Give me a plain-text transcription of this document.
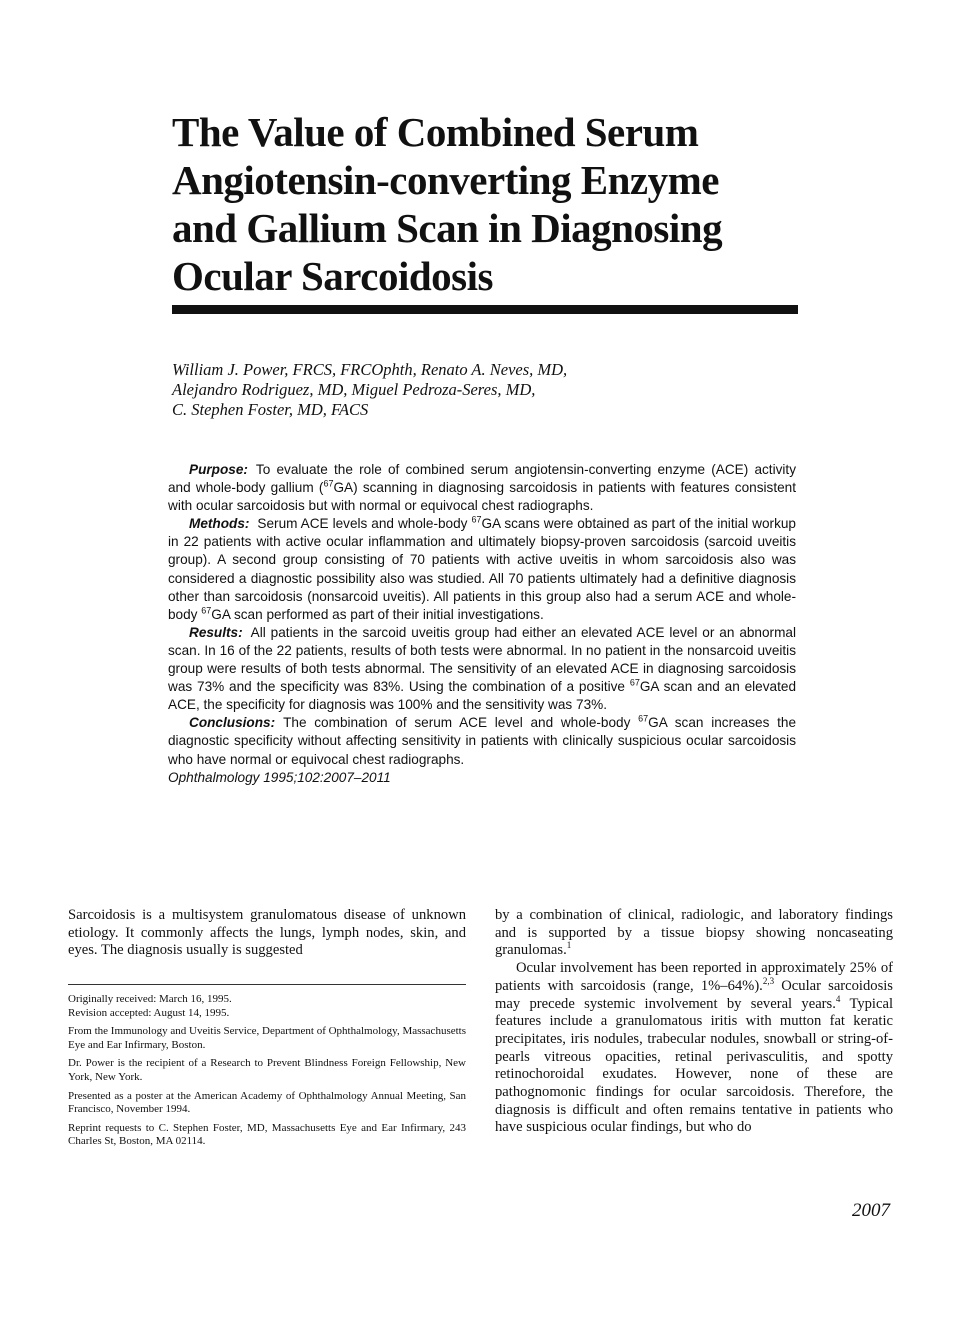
The Value of Combined Serum
Angiotensin-converting Enzyme
and Gallium Scan in Diagnosing
Ocular Sarcoidosis
William J. Power, FRCS, FRCOphth, Renato A. Neves, MD,
Alejandro Rodriguez, MD, Miguel Pedroza-Seres, MD,
C. Stephen Foster, MD, FACS

Purpose: To evaluate the role of combined serum angiotensin-converting enzyme (ACE) activity and whole-body gallium ($^{67}$GA) scanning in diagnosing sarcoidosis in patients with features consistent with ocular sarcoidosis but with normal or equivocal chest radiographs.

Methods: Serum ACE levels and whole-body $^{67}$GA scans were obtained as part of the initial workup in 22 patients with active ocular inflammation and ultimately biopsy-proven sarcoidosis (sarcoid uveitis group). A second group consisting of 70 patients with active uveitis in whom sarcoidosis also was considered a diagnostic possibility also was studied. All 70 patients ultimately had a definitive diagnosis other than sarcoidosis (nonsarcoid uveitis). All patients in this group also had a serum ACE and whole-body $^{67}$GA scan performed as part of their initial investigations.

Results: All patients in the sarcoid uveitis group had either an elevated ACE level or an abnormal scan. In 16 of the 22 patients, results of both tests were abnormal. In no patient in the nonsarcoid uveitis group were results of both tests abnormal. The sensitivity of an elevated ACE in diagnosing sarcoidosis was 73% and the specificity was 83%. Using the combination of a positive $^{67}$GA scan and an elevated ACE, the specificity for diagnosis was 100% and the sensitivity was 73%.

Conclusions: The combination of serum ACE level and whole-body $^{67}$GA scan increases the diagnostic specificity without affecting sensitivity in patients with clinically suspicious ocular sarcoidosis who have normal or equivocal chest radiographs.

Ophthalmology 1995;102:2007–2011

Sarcoidosis is a multisystem granulomatous disease of unknown etiology. It commonly affects the lungs, lymph nodes, skin, and eyes. The diagnosis usually is suggested

Originally received: March 16, 1995.

Revision accepted: August 14, 1995.

From the Immunology and Uveitis Service, Department of Ophthalmology, Massachusetts Eye and Ear Infirmary, Boston.

Dr. Power is the recipient of a Research to Prevent Blindness Foreign Fellowship, New York, New York.

Presented as a poster at the American Academy of Ophthalmology Annual Meeting, San Francisco, November 1994.

Reprint requests to C. Stephen Foster, MD, Massachusetts Eye and Ear Infirmary, 243 Charles St, Boston, MA 02114.

by a combination of clinical, radiologic, and laboratory findings and is supported by a tissue biopsy showing noncaseating granulomas.$^1$

Ocular involvement has been reported in approximately 25% of patients with sarcoidosis (range, 1%–64%).$^{2,3}$ Ocular sarcoidosis may precede systemic involvement by several years.$^4$ Typical features include a granulomatous iritis with mutton fat keratic precipitates, iris nodules, trabecular nodules, snowball or string-of-pearls vitreous opacities, retinal perivasculitis, and spotty retinochoroidal exudates. However, none of these are pathognomonic findings for ocular sarcoidosis. Therefore, the diagnosis is difficult and often remains tentative in patients who have suspicious ocular findings, but who do

2007
